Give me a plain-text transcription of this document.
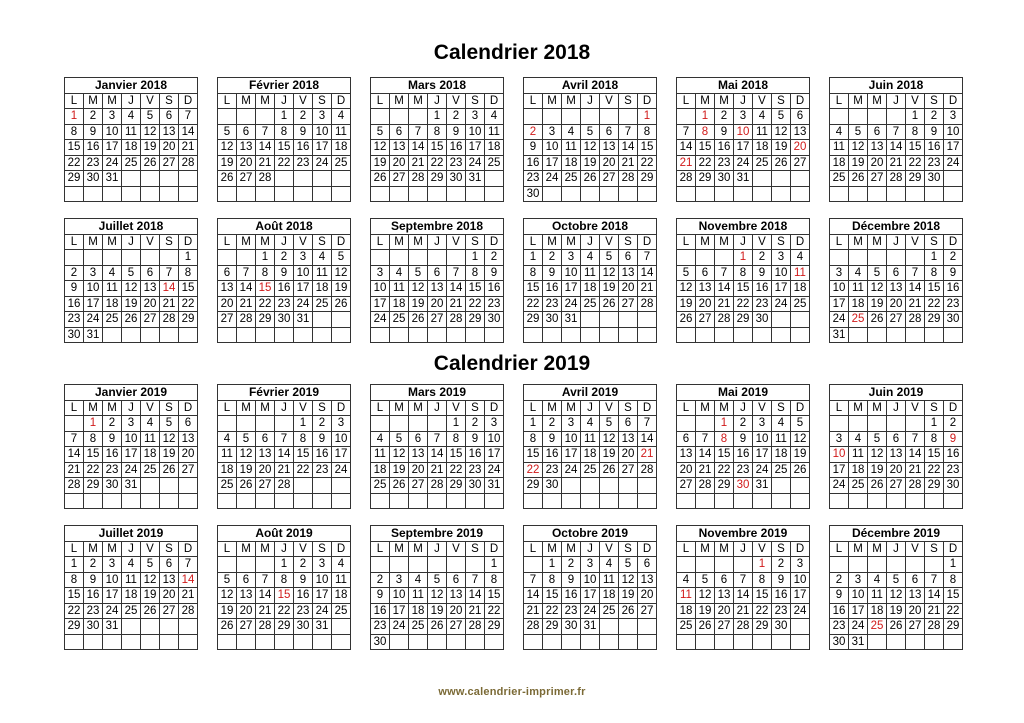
Calendrier 2018
Janvier 2018						
L	M	M	J	V	S	D
1	2	3	4	5	6	7
8	9	10	11	12	13	14
15	16	17	18	19	20	21
22	23	24	25	26	27	28
29	30	31				

Février 2018						
L	M	M	J	V	S	D
			1	2	3	4
5	6	7	8	9	10	11
12	13	14	15	16	17	18
19	20	21	22	23	24	25
26	27	28				

Mars 2018						
L	M	M	J	V	S	D
			1	2	3	4
5	6	7	8	9	10	11
12	13	14	15	16	17	18
19	20	21	22	23	24	25
26	27	28	29	30	31	

Avril 2018						
L	M	M	J	V	S	D
						1
2	3	4	5	6	7	8
9	10	11	12	13	14	15
16	17	18	19	20	21	22
23	24	25	26	27	28	29
30						
Mai 2018						
L	M	M	J	V	S	D
	1	2	3	4	5	6
7	8	9	10	11	12	13
14	15	16	17	18	19	20
21	22	23	24	25	26	27
28	29	30	31			

Juin 2018						
L	M	M	J	V	S	D
				1	2	3
4	5	6	7	8	9	10
11	12	13	14	15	16	17
18	19	20	21	22	23	24
25	26	27	28	29	30	

Juillet 2018						
L	M	M	J	V	S	D
						1
2	3	4	5	6	7	8
9	10	11	12	13	14	15
16	17	18	19	20	21	22
23	24	25	26	27	28	29
30	31					
Août 2018						
L	M	M	J	V	S	D
		1	2	3	4	5
6	7	8	9	10	11	12
13	14	15	16	17	18	19
20	21	22	23	24	25	26
27	28	29	30	31		

Septembre 2018						
L	M	M	J	V	S	D
					1	2
3	4	5	6	7	8	9
10	11	12	13	14	15	16
17	18	19	20	21	22	23
24	25	26	27	28	29	30

Octobre 2018						
L	M	M	J	V	S	D
1	2	3	4	5	6	7
8	9	10	11	12	13	14
15	16	17	18	19	20	21
22	23	24	25	26	27	28
29	30	31				

Novembre 2018						
L	M	M	J	V	S	D
			1	2	3	4
5	6	7	8	9	10	11
12	13	14	15	16	17	18
19	20	21	22	23	24	25
26	27	28	29	30		

Décembre 2018						
L	M	M	J	V	S	D
					1	2
3	4	5	6	7	8	9
10	11	12	13	14	15	16
17	18	19	20	21	22	23
24	25	26	27	28	29	30
31						
Calendrier 2019
Janvier 2019						
L	M	M	J	V	S	D
	1	2	3	4	5	6
7	8	9	10	11	12	13
14	15	16	17	18	19	20
21	22	23	24	25	26	27
28	29	30	31			

Février 2019						
L	M	M	J	V	S	D
				1	2	3
4	5	6	7	8	9	10
11	12	13	14	15	16	17
18	19	20	21	22	23	24
25	26	27	28			

Mars 2019						
L	M	M	J	V	S	D
				1	2	3
4	5	6	7	8	9	10
11	12	13	14	15	16	17
18	19	20	21	22	23	24
25	26	27	28	29	30	31

Avril 2019						
L	M	M	J	V	S	D
1	2	3	4	5	6	7
8	9	10	11	12	13	14
15	16	17	18	19	20	21
22	23	24	25	26	27	28
29	30					

Mai 2019						
L	M	M	J	V	S	D
		1	2	3	4	5
6	7	8	9	10	11	12
13	14	15	16	17	18	19
20	21	22	23	24	25	26
27	28	29	30	31		

Juin 2019						
L	M	M	J	V	S	D
					1	2
3	4	5	6	7	8	9
10	11	12	13	14	15	16
17	18	19	20	21	22	23
24	25	26	27	28	29	30

Juillet 2019						
L	M	M	J	V	S	D
1	2	3	4	5	6	7
8	9	10	11	12	13	14
15	16	17	18	19	20	21
22	23	24	25	26	27	28
29	30	31				

Août 2019						
L	M	M	J	V	S	D
			1	2	3	4
5	6	7	8	9	10	11
12	13	14	15	16	17	18
19	20	21	22	23	24	25
26	27	28	29	30	31	

Septembre 2019						
L	M	M	J	V	S	D
						1
2	3	4	5	6	7	8
9	10	11	12	13	14	15
16	17	18	19	20	21	22
23	24	25	26	27	28	29
30						
Octobre 2019						
L	M	M	J	V	S	D
	1	2	3	4	5	6
7	8	9	10	11	12	13
14	15	16	17	18	19	20
21	22	23	24	25	26	27
28	29	30	31			

Novembre 2019						
L	M	M	J	V	S	D
				1	2	3
4	5	6	7	8	9	10
11	12	13	14	15	16	17
18	19	20	21	22	23	24
25	26	27	28	29	30	

Décembre 2019						
L	M	M	J	V	S	D
						1
2	3	4	5	6	7	8
9	10	11	12	13	14	15
16	17	18	19	20	21	22
23	24	25	26	27	28	29
30	31					
www.calendrier-imprimer.fr
